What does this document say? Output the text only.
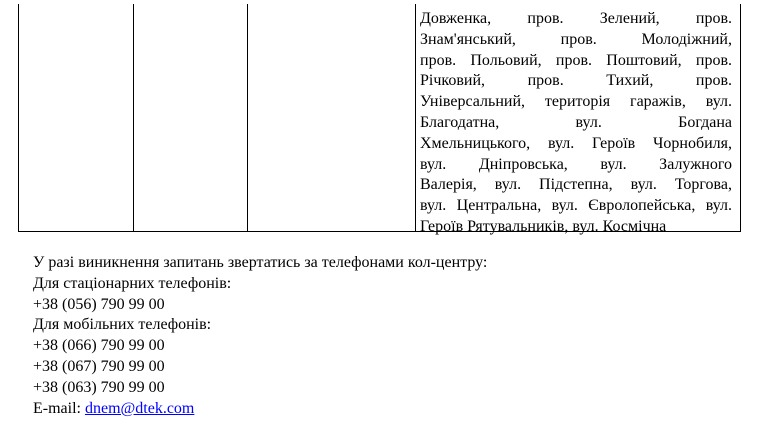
Довженка, пров. Зелений, пров.
Знам'янський, пров. Молодіжний,
пров. Польовий, пров. Поштовий, пров.
Річковий, пров. Тихий, пров.
Універсальний, територія гаражів, вул.
Благодатна, вул. Богдана
Хмельницького, вул. Героїв Чорнобиля,
вул. Дніпровська, вул. Залужного
Валерія, вул. Підстепна, вул. Торгова,
вул. Центральна, вул. Євролопейська, вул.
Героїв Рятувальників, вул. Космічна
У разі виникнення запитань звертатись за телефонами кол-центру:
Для стаціонарних телефонів:
+38 (056) 790 99 00
Для мобільних телефонів:
+38 (066) 790 99 00
+38 (067) 790 99 00
+38 (063) 790 99 00
E-mail: dnem@dtek.com
